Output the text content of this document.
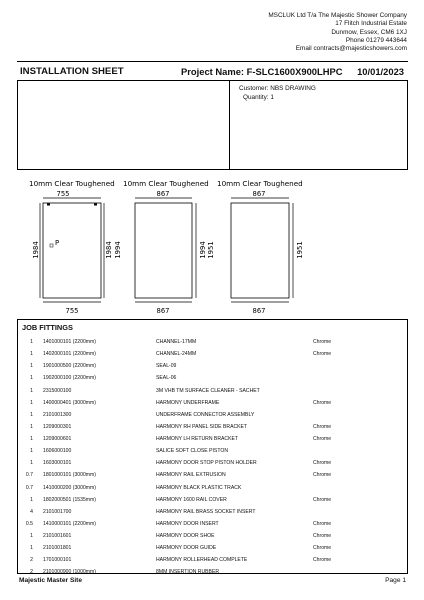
MSCLUK Ltd T/a The Majestic Shower Company
17 Flitch Industrial Estate
Dunmow, Essex, CM6 1XJ
Phone 01279 443644
Email contracts@majesticshowers.com
INSTALLATION SHEET	Project Name: F-SLC1600X900LHPC	10/01/2023
Customer: NBS DRAWING
Quantity: 1
10mm Clear Toughened
755
P
1984	1984 1994
755
10mm Clear Toughened
867
1994 1951
867
10mm Clear Toughened
867
1951
867
JOB FITTINGS
1	1401000101 (2200mm)	CHANNEL-17MM	Chrome
1	1402000101 (2200mm)	CHANNEL-24MM	Chrome
1	1901000500 (2200mm)	SEAL-09	
1	1902000100 (2200mm)	SEAL-06	
1	2315000100	3M VHB TM SURFACE CLEANER - SACHET	
1	1400000401 (3000mm)	HARMONY UNDERFRAME	Chrome
1	2101001300	UNDERFRAME CONNECTOR ASSEMBLY	
1	1209000301	HARMONY RH PANEL SIDE BRACKET	Chrome
1	1209000601	HARMONY LH RETURN BRACKET	Chrome
1	1606000100	SALICE SOFT CLOSE PISTON	
1	1603000101	HARMONY DOOR STOP PISTON HOLDER	Chrome
0.7	1801000101 (3000mm)	HARMONY RAIL EXTRUSION	Chrome
0.7	1410000200 (3000mm)	HARMONY BLACK PLASTIC TRACK	
1	1802000501 (1535mm)	HARMONY 1600 RAIL COVER	Chrome
4	2101001700	HARMONY RAIL BRASS SOCKET INSERT	
0.5	1410000101 (2200mm)	HARMONY DOOR INSERT	Chrome
1	2101001601	HARMONY DOOR SHOE	Chrome
1	2101001801	HARMONY DOOR GUIDE	Chrome
2	1701000101	HARMONY ROLLERHEAD COMPLETE	Chrome
2	2101000900 (1000mm)	8MM INSERTION RUBBER	
Majestic Master Site	Page 1
